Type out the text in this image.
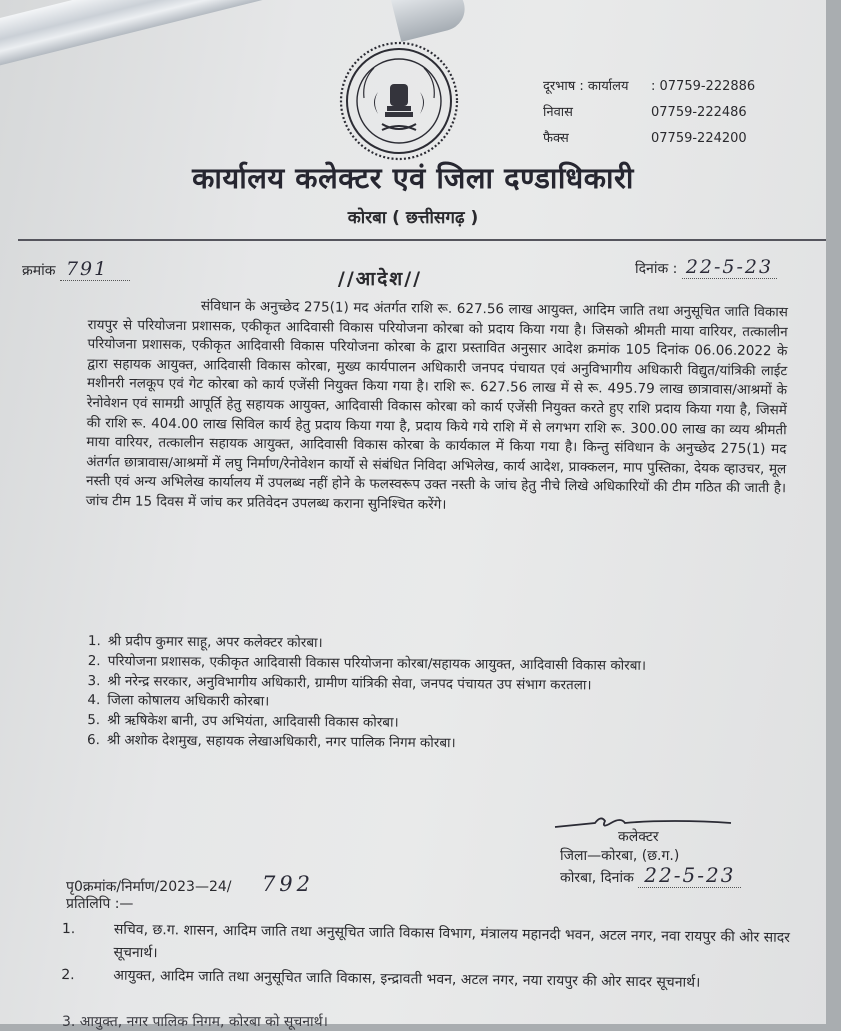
दूरभाष : कार्यालय	: 07759-222886
निवास	07759-222486
फैक्स	07759-224200
कार्यालय कलेक्टर एवं जिला दण्डाधिकारी
कोरबा ( छत्तीसगढ़ )
क्रमांक 791	//आदेश//	दिनांक : 22-5-23
संविधान के अनुच्छेद 275(1) मद अंतर्गत राशि रू. 627.56 लाख आयुक्त, आदिम जाति तथा अनुसूचित जाति विकास रायपुर से परियोजना प्रशासक, एकीकृत आदिवासी विकास परियोजना कोरबा को प्रदाय किया गया है। जिसको श्रीमती माया वारियर, तत्कालीन परियोजना प्रशासक, एकीकृत आदिवासी विकास परियोजना कोरबा के द्वारा प्रस्तावित अनुसार आदेश क्रमांक 105 दिनांक 06.06.2022 के द्वारा सहायक आयुक्त, आदिवासी विकास कोरबा, मुख्य कार्यपालन अधिकारी जनपद पंचायत एवं अनुविभागीय अधिकारी विद्युत/यांत्रिकी लाईट मशीनरी नलकूप एवं गेट कोरबा को कार्य एजेंसी नियुक्त किया गया है। राशि रू. 627.56 लाख में से रू. 495.79 लाख छात्रावास/आश्रमों के रेनोवेशन एवं सामग्री आपूर्ति हेतु सहायक आयुक्त, आदिवासी विकास कोरबा को कार्य एजेंसी नियुक्त करते हुए राशि प्रदाय किया गया है, जिसमें की राशि रू. 404.00 लाख सिविल कार्य हेतु प्रदाय किया गया है, प्रदाय किये गये राशि में से लगभग राशि रू. 300.00 लाख का व्यय श्रीमती माया वारियर, तत्कालीन सहायक आयुक्त, आदिवासी विकास कोरबा के कार्यकाल में किया गया है। किन्तु संविधान के अनुच्छेद 275(1) मद अंतर्गत छात्रावास/आश्रमों में लघु निर्माण/रेनोवेशन कार्यो से संबंधित निविदा अभिलेख, कार्य आदेश, प्राक्कलन, माप पुस्तिका, देयक व्हाउचर, मूल नस्ती एवं अन्य अभिलेख कार्यालय में उपलब्ध नहीं होने के फलस्वरूप उक्त नस्ती के जांच हेतु नीचे लिखे अधिकारियों की टीम गठित की जाती है। जांच टीम 15 दिवस में जांच कर प्रतिवेदन उपलब्ध कराना सुनिश्चित करेंगे।
1. श्री प्रदीप कुमार साहू, अपर कलेक्टर कोरबा।
2. परियोजना प्रशासक, एकीकृत आदिवासी विकास परियोजना कोरबा/सहायक आयुक्त, आदिवासी विकास कोरबा।
3. श्री नरेन्द्र सरकार, अनुविभागीय अधिकारी, ग्रामीण यांत्रिकी सेवा, जनपद पंचायत उप संभाग करतला।
4. जिला कोषालय अधिकारी कोरबा।
5. श्री ऋषिकेश बानी, उप अभियंता, आदिवासी विकास कोरबा।
6. श्री अशोक देशमुख, सहायक लेखाअधिकारी, नगर पालिक निगम कोरबा।
कलेक्टर
जिला—कोरबा, (छ.ग.)
कोरबा, दिनांक 22-5-23
पृ0क्रमांक/निर्माण/2023—24/ 792
प्रतिलिपि :—
1.	सचिव, छ.ग. शासन, आदिम जाति तथा अनुसूचित जाति विकास विभाग, मंत्रालय महानदी भवन, अटल नगर, नवा रायपुर की ओर सादर सूचनार्थ।
2.	आयुक्त, आदिम जाति तथा अनुसूचित जाति विकास, इन्द्रावती भवन, अटल नगर, नया रायपुर की ओर सादर सूचनार्थ।
3. आयुक्त, नगर पालिक निगम, कोरबा को सूचनार्थ।
